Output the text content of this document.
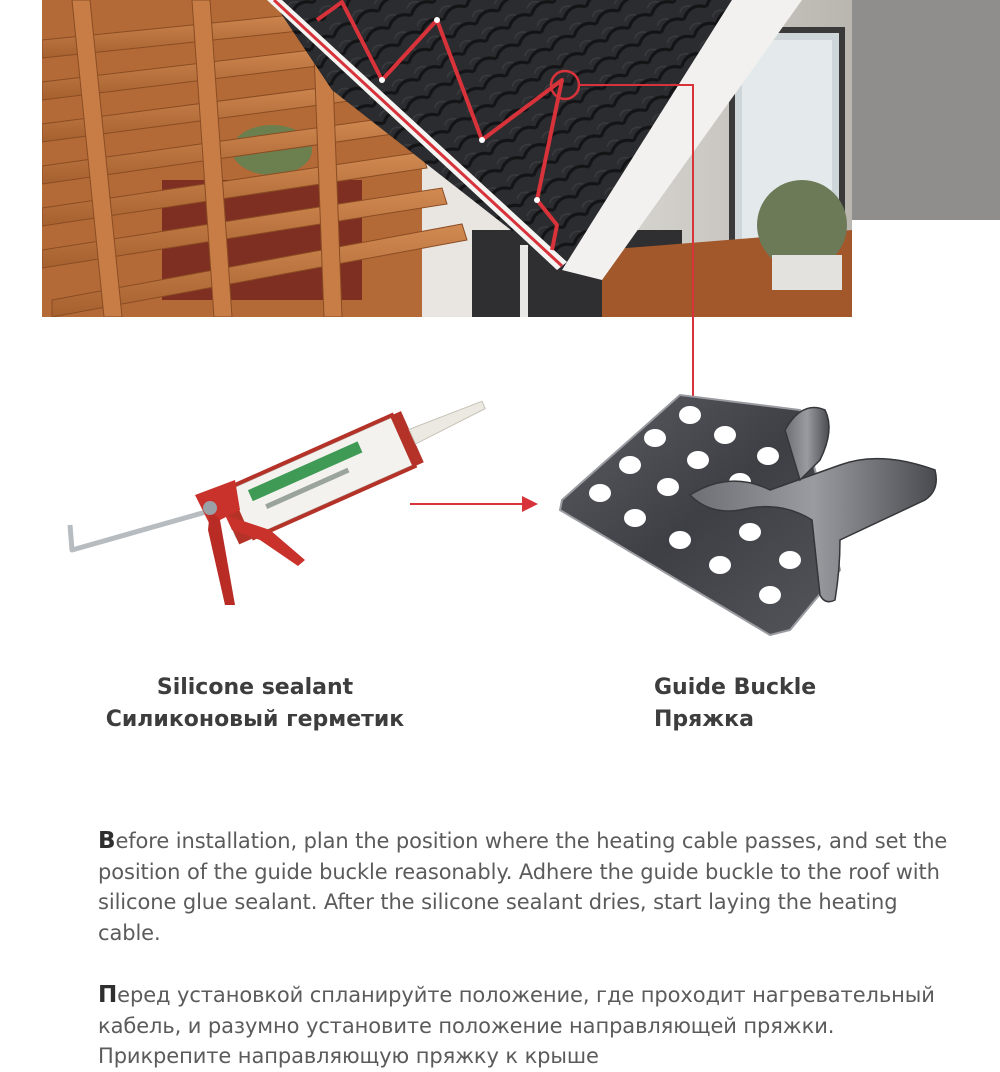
Silicone sealant
Силиконовый герметик
Guide Buckle
Пряжка

Before installation, plan the position where the heating cable passes, and set the position of the guide buckle reasonably. Adhere the guide buckle to the roof with silicone glue sealant. After the silicone sealant dries, start laying the heating cable.

Перед установкой спланируйте положение, где проходит нагревательный кабель, и разумно установите положение направляющей пряжки. Прикрепите направляющую пряжку к крыше
